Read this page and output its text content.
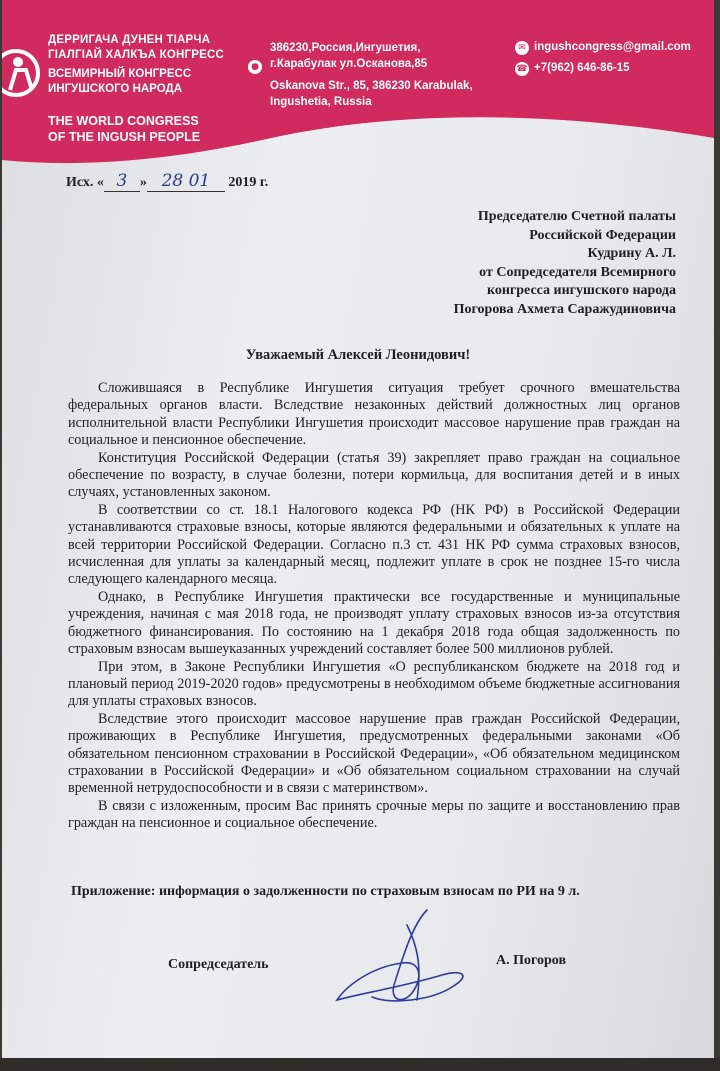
ДЕРРИГАЧА ДУНЕН ТІАРЧА
ГІАЛГІАЙ ХАЛКЪА КОНГРЕСС
ВСЕМИРНЫЙ КОНГРЕСС
ИНГУШСКОГО НАРОДА
THE WORLD CONGRESS
OF THE INGUSH PEOPLE
●
386230,Россия,Ингушетия,
г.Карабулак ул.Осканова,85
Oskanova Str., 85, 386230 Karabulak,
Ingushetia, Russia
✉ ingushcongress@gmail.com
☎ +7(962) 646-86-15
Исх. « 3 » 28 01 2019 г.
Председателю Счетной палаты
Российской Федерации
Кудрину А. Л.
от Сопредседателя Всемирного
конгресса ингушского народа
Погорова Ахмета Саражудиновича
Уважаемый Алексей Леонидович!

Сложившаяся в Республике Ингушетия ситуация требует срочного вмешательства федеральных органов власти. Вследствие незаконных действий должностных лиц органов исполнительной власти Республики Ингушетия происходит массовое нарушение прав граждан на социальное и пенсионное обеспечение.

Конституция Российской Федерации (статья 39) закрепляет право граждан на социальное обеспечение по возрасту, в случае болезни, потери кормильца, для воспитания детей и в иных случаях, установленных законом.

В соответствии со ст. 18.1 Налогового кодекса РФ (НК РФ) в Российской Федерации устанавливаются страховые взносы, которые являются федеральными и обязательных к уплате на всей территории Российской Федерации. Согласно п.3 ст. 431 НК РФ сумма страховых взносов, исчисленная для уплаты за календарный месяц, подлежит уплате в срок не позднее 15-го числа следующего календарного месяца.

Однако, в Республике Ингушетия практически все государственные и муниципальные учреждения, начиная с мая 2018 года, не производят уплату страховых взносов из-за отсутствия бюджетного финансирования. По состоянию на 1 декабря 2018 года общая задолженность по страховым взносам вышеуказанных учреждений составляет более 500 миллионов рублей.

При этом, в Законе Республики Ингушетия «О республиканском бюджете на 2018 год и плановый период 2019-2020 годов» предусмотрены в необходимом объеме бюджетные ассигнования для уплаты страховых взносов.

Вследствие этого происходит массовое нарушение прав граждан Российской Федерации, проживающих в Республике Ингушетия, предусмотренных федеральными законами «Об обязательном пенсионном страховании в Российской Федерации», «Об обязательном медицинском страховании в Российской Федерации» и «Об обязательном социальном страховании на случай временной нетрудоспособности и в связи с материнством».

В связи с изложенным, просим Вас принять срочные меры по защите и восстановлению прав граждан на пенсионное и социальное обеспечение.

Приложение: информация о задолженности по страховым взносам по РИ на 9 л.
Сопредседатель	А. Погоров
